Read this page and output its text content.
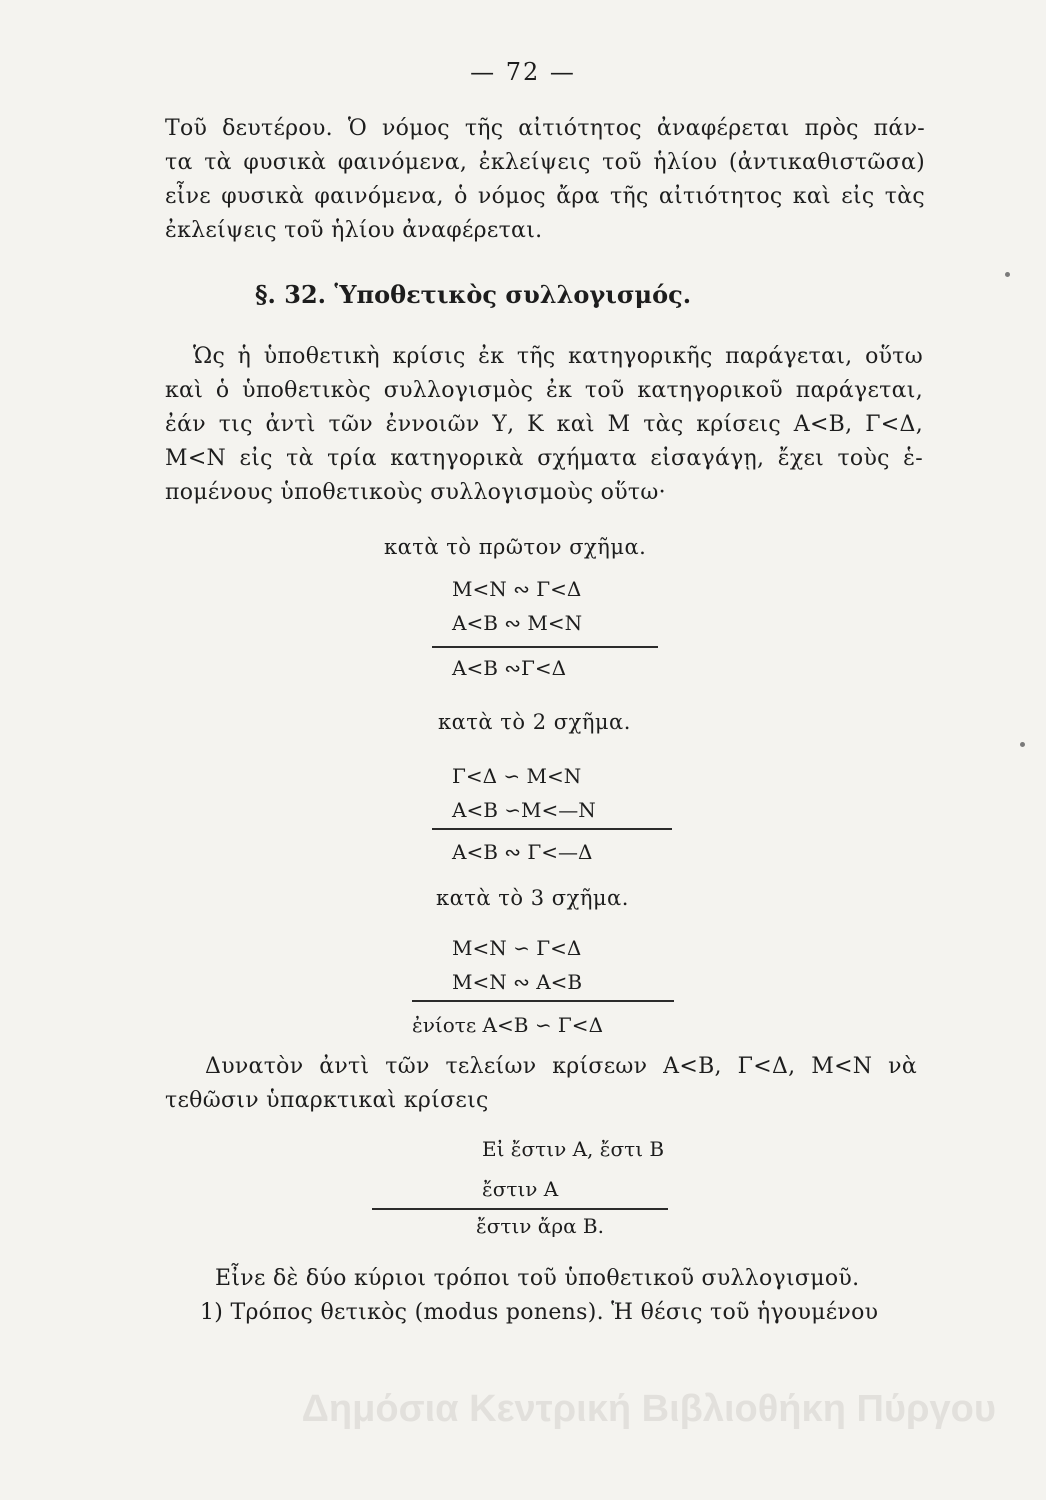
— 72 —
Τοῦ δευτέρου. Ὁ νόμος τῆς αἰτιότητος ἀναφέρεται πρὸς πάν-
τα τὰ φυσικὰ φαινόμενα, ἐκλείψεις τοῦ ἡλίου (ἀντικαθιστῶσα)
εἶνε φυσικὰ φαινόμενα, ὁ νόμος ἄρα τῆς αἰτιότητος καὶ εἰς τὰς
ἐκλείψεις τοῦ ἡλίου ἀναφέρεται.
§. 32. Ὑποθετικὸς συλλογισμός.
Ὡς ἡ ὑποθετικὴ κρίσις ἐκ τῆς κατηγορικῆς παράγεται, οὕτω
καὶ ὁ ὑποθετικὸς συλλογισμὸς ἐκ τοῦ κατηγορικοῦ παράγεται,
ἐάν τις ἀντὶ τῶν ἐννοιῶν Υ, Κ καὶ Μ τὰς κρίσεις Α<Β, Γ<Δ,
Μ<Ν εἰς τὰ τρία κατηγορικὰ σχήματα εἰσαγάγῃ, ἔχει τοὺς ἑ-
πομένους ὑποθετικοὺς συλλογισμοὺς οὕτω·
κατὰ τὸ πρῶτον σχῆμα.
Μ<Ν ∾ Γ<Δ
Α<Β ∾ Μ<Ν
Α<Β ∾Γ<Δ
κατὰ τὸ 2 σχῆμα.
Γ<Δ ∽ Μ<Ν
Α<Β ∽Μ<—Ν
Α<Β ∾ Γ<—Δ
κατὰ τὸ 3 σχῆμα.
Μ<Ν ∽ Γ<Δ
Μ<Ν ∾ Α<Β
ἐνίοτε Α<Β ∽ Γ<Δ
Δυνατὸν ἀντὶ τῶν τελείων κρίσεων Α<Β, Γ<Δ, Μ<Ν νὰ
τεθῶσιν ὑπαρκτικαὶ κρίσεις
Εἰ ἔστιν Α, ἔστι Β
ἔστιν Α
ἔστιν ἄρα Β.
Εἶνε δὲ δύο κύριοι τρόποι τοῦ ὑποθετικοῦ συλλογισμοῦ.
1) Τρόπος θετικὸς (modus ponens). Ἡ θέσις τοῦ ἡγουμένου
Δημόσια Κεντρική Βιβλιοθήκη Πύργου
